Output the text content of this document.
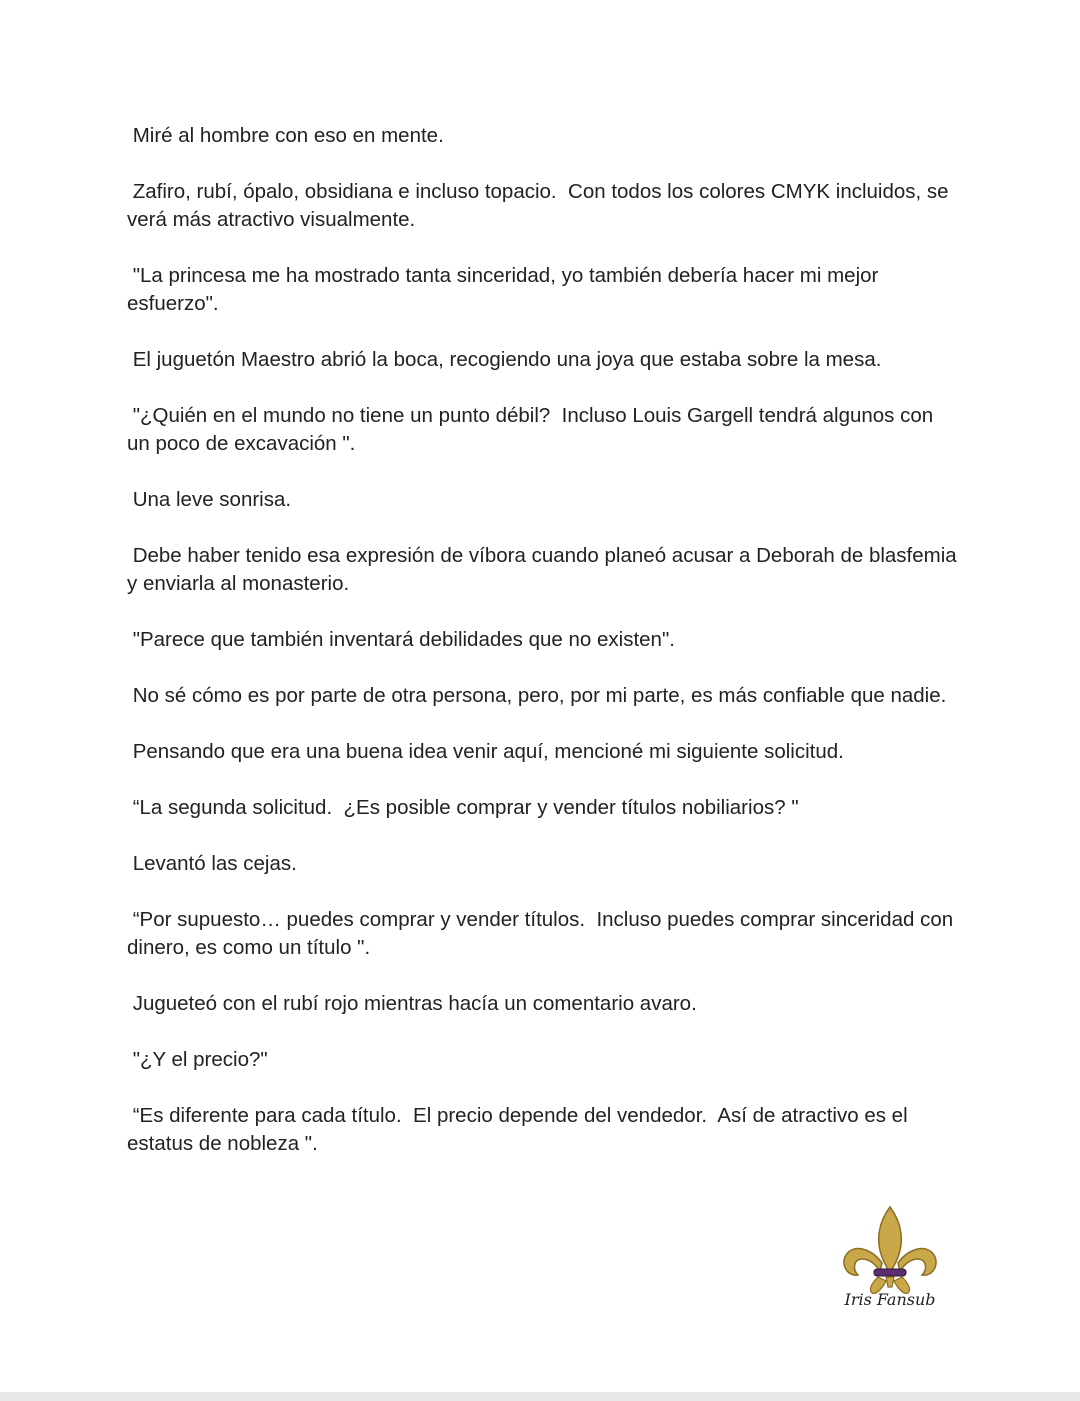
Miré al hombre con eso en mente.

Zafiro, rubí, ópalo, obsidiana e incluso topacio.  Con todos los colores CMYK incluidos, se verá más atractivo visualmente.

"La princesa me ha mostrado tanta sinceridad, yo también debería hacer mi mejor esfuerzo".

El juguetón Maestro abrió la boca, recogiendo una joya que estaba sobre la mesa.

"¿Quién en el mundo no tiene un punto débil?  Incluso Louis Gargell tendrá algunos con un poco de excavación ".

Una leve sonrisa.

Debe haber tenido esa expresión de víbora cuando planeó acusar a Deborah de blasfemia y enviarla al monasterio.

"Parece que también inventará debilidades que no existen".

No sé cómo es por parte de otra persona, pero, por mi parte, es más confiable que nadie.

Pensando que era una buena idea venir aquí, mencioné mi siguiente solicitud.

“La segunda solicitud.  ¿Es posible comprar y vender títulos nobiliarios? "

Levantó las cejas.

“Por supuesto… puedes comprar y vender títulos.  Incluso puedes comprar sinceridad con dinero, es como un título ".

Jugueteó con el rubí rojo mientras hacía un comentario avaro.

"¿Y el precio?"

“Es diferente para cada título.  El precio depende del vendedor.  Así de atractivo es el estatus de nobleza ".

Iris Fansub
